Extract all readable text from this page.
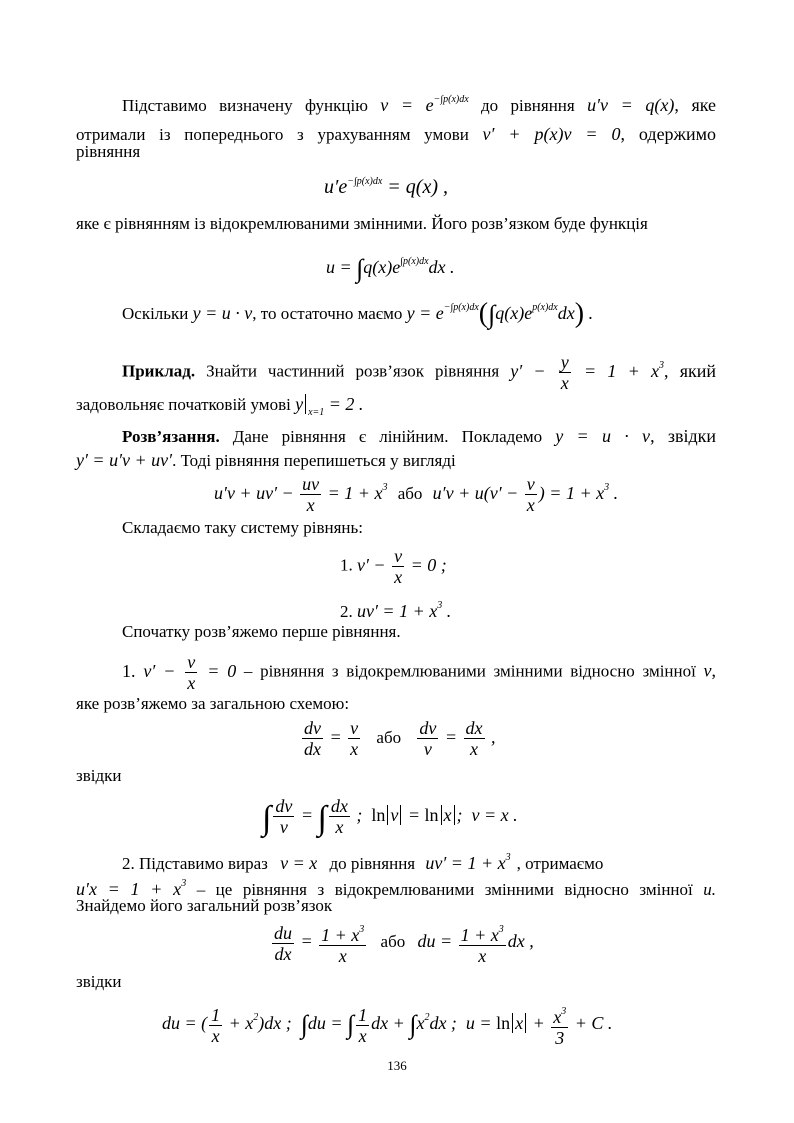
Підставимо визначену функцію $v = e^{-\int p(x)dx}$ до рівняння u′v = q(x), яке
отримали із попереднього з урахуванням умови v′ + p(x)v = 0, одержимо
рівняння
$u'e^{-\int p(x)dx} = q(x)$ ,
яке є рівнянням із відокремлюваними змінними. Його розв’язком буде функція
$u = \int q(x)e^{\int p(x)dx}dx$ .
Оскільки y = u · v, то остаточно маємо $y = e^{-\int p(x)dx}(\int q(x)e^{p(x)dx}dx)$ .
Приклад. Знайти частинний розв’язок рівняння $y' - \frac{y}{x} = 1 + x^3$, який
задовольняє початковій умові y $_{x=1}$ = 2 .
Розв’язання. Дане рівняння є лінійним. Покладемо y = u · v, звідки
y′ = u′v + uv′. Тоді рівняння перепишеться у вигляді
$u'v + uv' - \frac{uv}{x} = 1 + x^3$ або $u'v + u(v' - \frac{v}{x}$ ) = $1 + x^3$ .
Складаємо таку систему рівнянь:
1. $v' - \frac{v}{x} = 0$ ;
2. $uv' = 1 + x^3$ .
Спочатку розв’яжемо перше рівняння.
1. $v' - \frac{v}{x} = 0$ – рівняння з відокремлюваними змінними відносно змінної v,
яке розв’яжемо за загальною схемою:
$\frac{dv}{dx} = \frac{v}{x}$ або $\frac{dv}{v} = \frac{dx}{x}$ ,
звідки
∫ $\frac{dv}{v}$ = ∫ $\frac{dx}{x}$ ;  ln v = ln x ;  v = x .
2. Підставимо вираз v = x до рівняння $uv' = 1 + x^3$ , отримаємо
$u'x = 1 + x^3$ – це рівняння з відокремлюваними змінними відносно змінної u.
Знайдемо його загальний розв’язок
$\frac{du}{dx} = \frac{1 + x^3}{x}$ або du = $\frac{1 + x^3}{x}$ dx ,
звідки
du = ( $\frac{1}{x} + x^2)dx$ ;  ∫du = ∫ $\frac{1}{x}$ dx + $\int x^2dx$ ;  $u = \ln x + \frac{x^3}{3} + C$ .
136
